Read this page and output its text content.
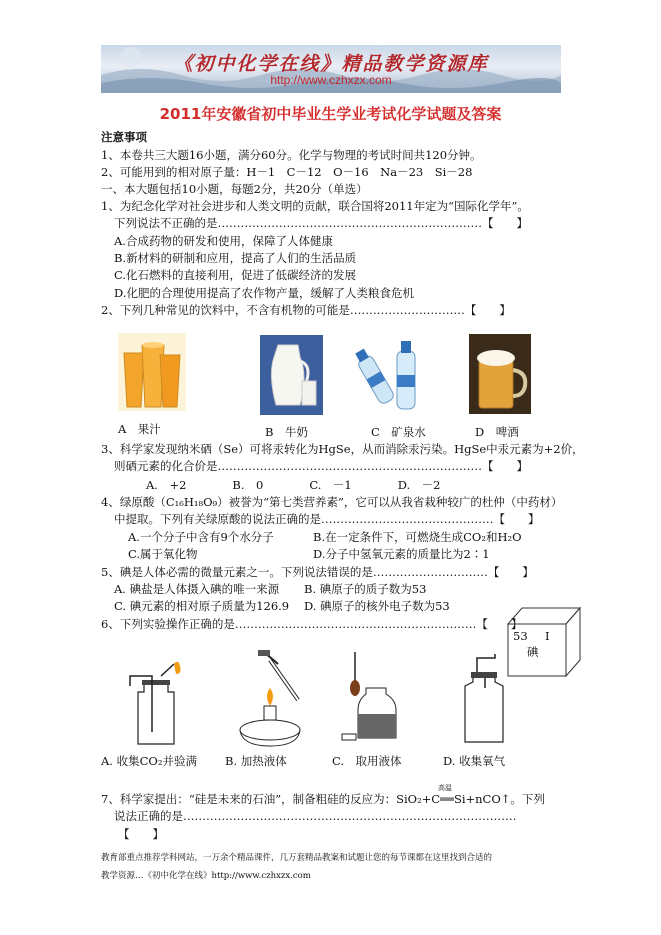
《初中化学在线》精品教学资源库
http://www.czhxzx.com
2011年安徽省初中毕业生学业考试化学试题及答案
注意事项
1、本卷共三大题16小题，满分60分。化学与物理的考试时间共120分钟。
2、可能用到的相对原子量：H－1　C－12　O－16　Na－23　Si－28
一、本大题包括10小题，每题2分，共20分（单选）
1、为纪念化学对社会进步和人类文明的贡献，联合国将2011年定为“国际化学年”。
下列说法不正确的是……………………………………………………………【　　】
A.合成药物的研发和使用，保障了人体健康
B.新材料的研制和应用，提高了人们的生活品质
C.化石燃料的直接利用，促进了低碳经济的发展
D.化肥的合理使用提高了农作物产量，缓解了人类粮食危机
2、下列几种常见的饮料中，不含有机物的可能是…………………………【　　】
A　果汁	B　牛奶	C　矿泉水	D　啤酒
3、科学家发现纳米硒（Se）可将汞转化为HgSe，从而消除汞污染。HgSe中汞元素为+2价，
则硒元素的化合价是……………………………………………………………【　　】
A.　+2　　　　B.　0　　　　C.　－1　　　　D.　－2
4、绿原酸（C₁₆H₁₈O₉）被誉为“第七类营养素”，它可以从我省栽种较广的杜仲（中药材）
中提取。下列有关绿原酸的说法正确的是………………………………………【　　】
A.一个分子中含有9个水分子	B.在一定条件下，可燃烧生成CO₂和H₂O
C.属于氧化物	D.分子中氢氧元素的质量比为2∶1
5、碘是人体必需的微量元素之一。下列说法错误的是…………………………【　　】
A. 碘盐是人体摄入碘的唯一来源 B. 碘原子的质子数为53
C. 碘元素的相对原子质量为126.9 D. 碘原子的核外电子数为53
53 I
碘
6、下列实验操作正确的是………………………………………………………【　　】
A. 收集CO₂并验满 B. 加热液体	C.　取用液体	D. 收集氧气
高温
7、科学家提出：“硅是未来的石油”，制备粗硅的反应为：SiO₂+C══Si+nCO↑。下列
说法正确的是……………………………………………………………………………
【　　】
教育部重点推荐学科网站，一万余个精品课件，几万套精品教案和试题让您的每节课都在这里找到合适的
教学资源…《初中化学在线》http://www.czhxzx.com
